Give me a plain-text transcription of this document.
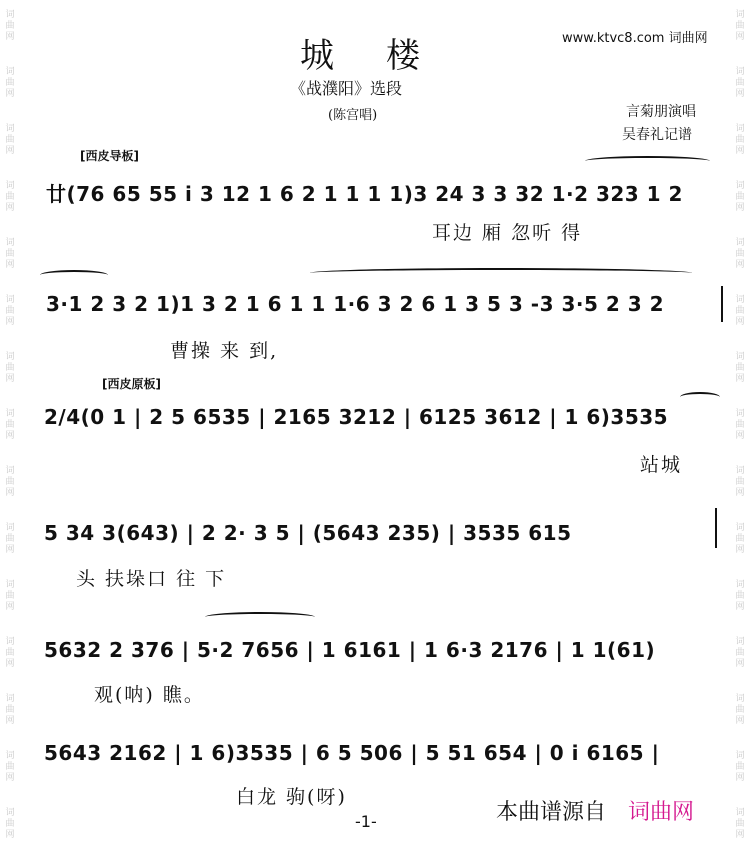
词
曲
网
词
曲
网
词
曲
网
词
曲
网
词
曲
网
词
曲
网
词
曲
网
词
曲
网
词
曲
网
词
曲
网
词
曲
网
词
曲
网
词
曲
网
词
曲
网
词
曲
网
词
曲
网
词
曲
网
词
曲
网
词
曲
网
词
曲
网
词
曲
网
词
曲
网
词
曲
网
词
曲
网
词
曲
网
词
曲
网
词
曲
网
词
曲
网
词
曲
网
词
曲
网
城楼
《战濮阳》选段
(陈宫唱)
www.ktvc8.com 词曲网
言菊朋演唱
吴春礼记谱
[西皮导板]
[西皮原板]
廿(76 65 55 i 3 12 1 6 2 1 1 1 1)3 24 3 3 32 1·2 323 1 2
耳边 厢 忽听 得
3·1 2 3 2 1)1 3 2 1 6 1 1 1·6 3 2 6 1 3 5 3 -3 3·5 2 3 2
曹操 来 到,
2/4(0 1 | 2 5 6535 | 2165 3212 | 6125 3612 | 1 6)3535
站城
5 34 3(643) | 2 2· 3 5 | (5643 235) | 3535 615
头 扶垛口 往 下
5632 2 376 | 5·2 7656 | 1 6161 | 1 6·3 2176 | 1 1(61)
观(呐) 瞧。
5643 2162 | 1 6)3535 | 6 5 506 | 5 51 654 | 0 i 6165 |
白龙 驹(呀)
-1-	本曲谱源自 词曲网
